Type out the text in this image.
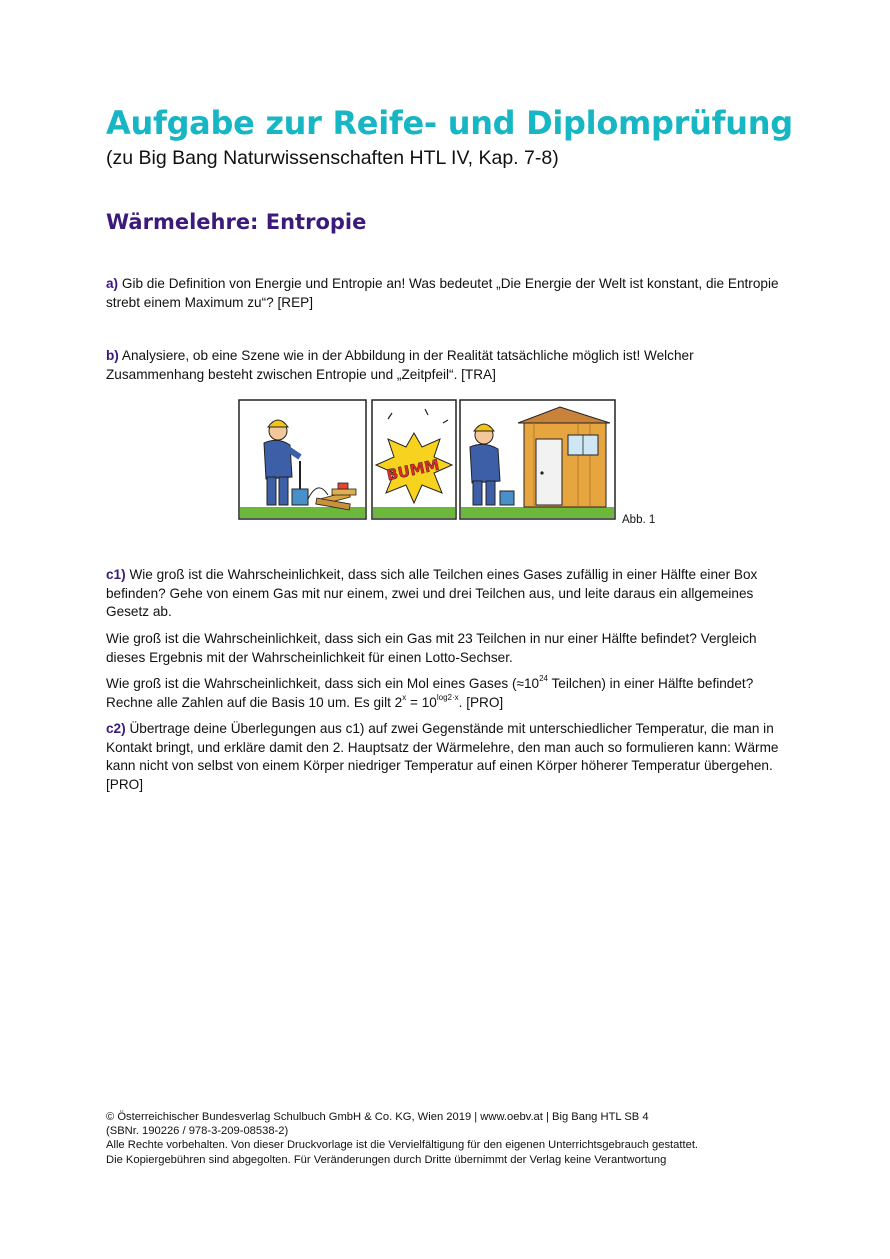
Aufgabe zur Reife- und Diplomprüfung
(zu Big Bang Naturwissenschaften HTL IV, Kap. 7-8)
Wärmelehre: Entropie
a) Gib die Definition von Energie und Entropie an! Was bedeutet „Die Energie der Welt ist konstant, die Entropie strebt einem Maximum zu“? [REP]
b) Analysiere, ob eine Szene wie in der Abbildung in der Realität tatsächliche möglich ist! Welcher Zusammenhang besteht zwischen Entropie und „Zeitpfeil“. [TRA]
BUMM
Abb. 1
c1) Wie groß ist die Wahrscheinlichkeit, dass sich alle Teilchen eines Gases zufällig in einer Hälfte einer Box befinden? Gehe von einem Gas mit nur einem, zwei und drei Teilchen aus, und leite daraus ein allgemeines Gesetz ab.
Wie groß ist die Wahrscheinlichkeit, dass sich ein Gas mit 23 Teilchen in nur einer Hälfte befindet? Vergleich dieses Ergebnis mit der Wahrscheinlichkeit für einen Lotto-Sechser.
Wie groß ist die Wahrscheinlichkeit, dass sich ein Mol eines Gases ($\approx 10^{24}$ Teilchen) in einer Hälfte befindet? Rechne alle Zahlen auf die Basis 10 um. Es gilt $2^x = 10^{log2\cdot x}$. [PRO]
c2) Übertrage deine Überlegungen aus c1) auf zwei Gegenstände mit unterschiedlicher Temperatur, die man in Kontakt bringt, und erkläre damit den 2. Hauptsatz der Wärmelehre, den man auch so formulieren kann: Wärme kann nicht von selbst von einem Körper niedriger Temperatur auf einen Körper höherer Temperatur übergehen. [PRO]
© Österreichischer Bundesverlag Schulbuch GmbH & Co. KG, Wien 2019 | www.oebv.at | Big Bang HTL SB 4
(SBNr. 190226 / 978-3-209-08538-2)
Alle Rechte vorbehalten. Von dieser Druckvorlage ist die Vervielfältigung für den eigenen Unterrichtsgebrauch gestattet.
Die Kopiergebühren sind abgegolten. Für Veränderungen durch Dritte übernimmt der Verlag keine Verantwortung
